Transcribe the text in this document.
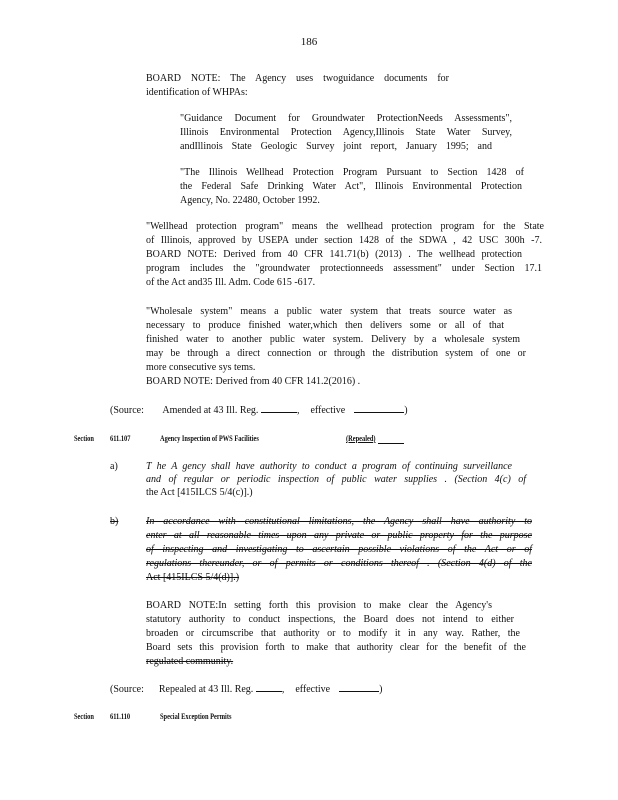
186
BOARD NOTE: The Agency uses twoguidance documents for
identification of WHPAs:
"Guidance Document for Groundwater ProtectionNeeds Assessments",
Illinois Environmental Protection Agency,Illinois State Water Survey,
andIllinois State Geologic Survey joint report, January 1995; and
"The Illinois Wellhead Protection Program Pursuant to Section 1428 of
the Federal Safe Drinking Water Act", Illinois Environmental Protection
Agency, No. 22480, October 1992.
"Wellhead protection program" means the wellhead protection program for the State
of Illinois, approved by USEPA under section 1428 of the SDWA , 42 USC 300h -7.
BOARD NOTE: Derived from 40 CFR 141.71(b) (2013) . The wellhead protection
program includes the "groundwater protectionneeds assessment" under Section 17.1
of the Act and35 Ill. Adm. Code 615 -617.
"Wholesale system" means a public water system that treats source water as
necessary to produce finished water,which then delivers some or all of that
finished water to another public water system. Delivery by a wholesale system
may be through a direct connection or through the distribution system of one or
more consecutive sys tems.
BOARD NOTE: Derived from 40 CFR 141.2(2016) .
(Source: Amended at 43 Ill. Reg.	,  effective	)
Section 611.107	Agency Inspection of PWS Facilities	(Repealed)
a)	T he A gency shall have authority to conduct a program of continuing surveillance
and of regular or periodic inspection of public water supplies . (Section 4(c) of
the Act [415ILCS 5/4(c)].)
b)	In accordance with constitutional limitations, the Agency shall have authority to
enter at all reasonable times upon any private or public property for the purpose
of inspecting and investigating to ascertain possible violations of the Act or of
regulations thereunder, or of permits or conditions thereof . (Section 4(d) of the
Act [415ILCS 5/4(d)].)
BOARD NOTE:In setting forth this provision to make clear the Agency's
statutory authority to conduct inspections, the Board does not intend to either
broaden or circumscribe that authority or to modify it in any way. Rather, the
Board sets this provision forth to make that authority clear for the benefit of the
regulated community.
(Source: Repealed at 43 Ill. Reg.	,  effective	)
Section 611.110	Special Exception Permits
